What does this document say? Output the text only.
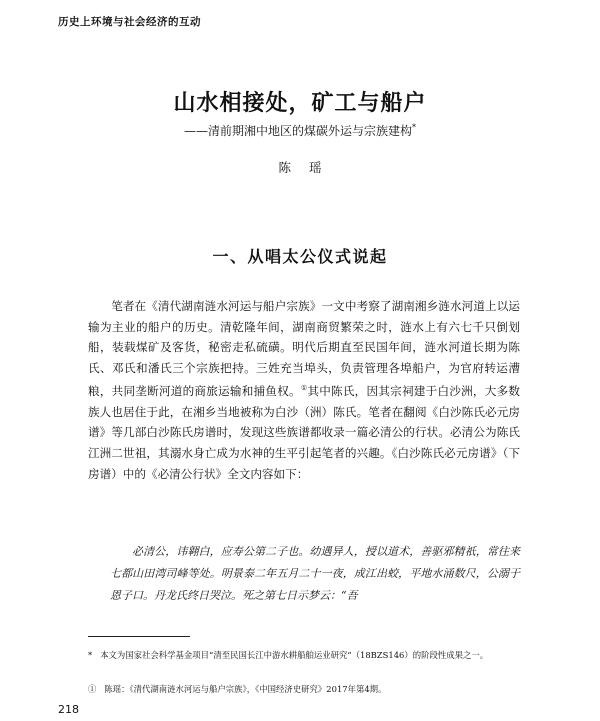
历史上环境与社会经济的互动
山水相接处，矿工与船户
——清前期湘中地区的煤碳外运与宗族建构*
陈瑶
一、从唱太公仪式说起

笔者在《清代湖南涟水河运与船户宗族》一文中考察了湖南湘乡涟水河道上以运输为主业的船户的历史。清乾隆年间，湖南商贸繁荣之时，涟水上有六七千只倒划船，装载煤矿及客货，秘密走私硫磺。明代后期直至民国年间，涟水河道长期为陈氏、邓氏和潘氏三个宗族把持。三姓充当埠头，负责管理各埠船户，为官府转运漕粮，共同垄断河道的商旅运输和捕鱼权。①其中陈氏，因其宗祠建于白沙洲，大多数族人也居住于此，在湘乡当地被称为白沙（洲）陈氏。笔者在翻阅《白沙陈氏必元房谱》等几部白沙陈氏房谱时，发现这些族谱都收录一篇必清公的行状。必清公为陈氏江洲二世祖，其溺水身亡成为水神的生平引起笔者的兴趣。《白沙陈氏必元房谱》（下房谱）中的《必清公行状》全文内容如下：

必清公，讳翱白，应寿公第二子也。幼遇异人，授以道术，善驱邪精祇，常往来七都山田湾司峰等处。明景泰二年五月二十一夜，成江出蛟，平地水涌数尺，公溺于恩子口。丹龙氏终日哭泣。死之第七日示梦云：“吾

* 本文为国家社会科学基金项目“清至民国长江中游水耕船舶运业研究”（18BZS146）的阶段性成果之一。

① 陈瑶：《清代湖南涟水河运与船户宗族》，《中国经济史研究》2017年第4期。

218
